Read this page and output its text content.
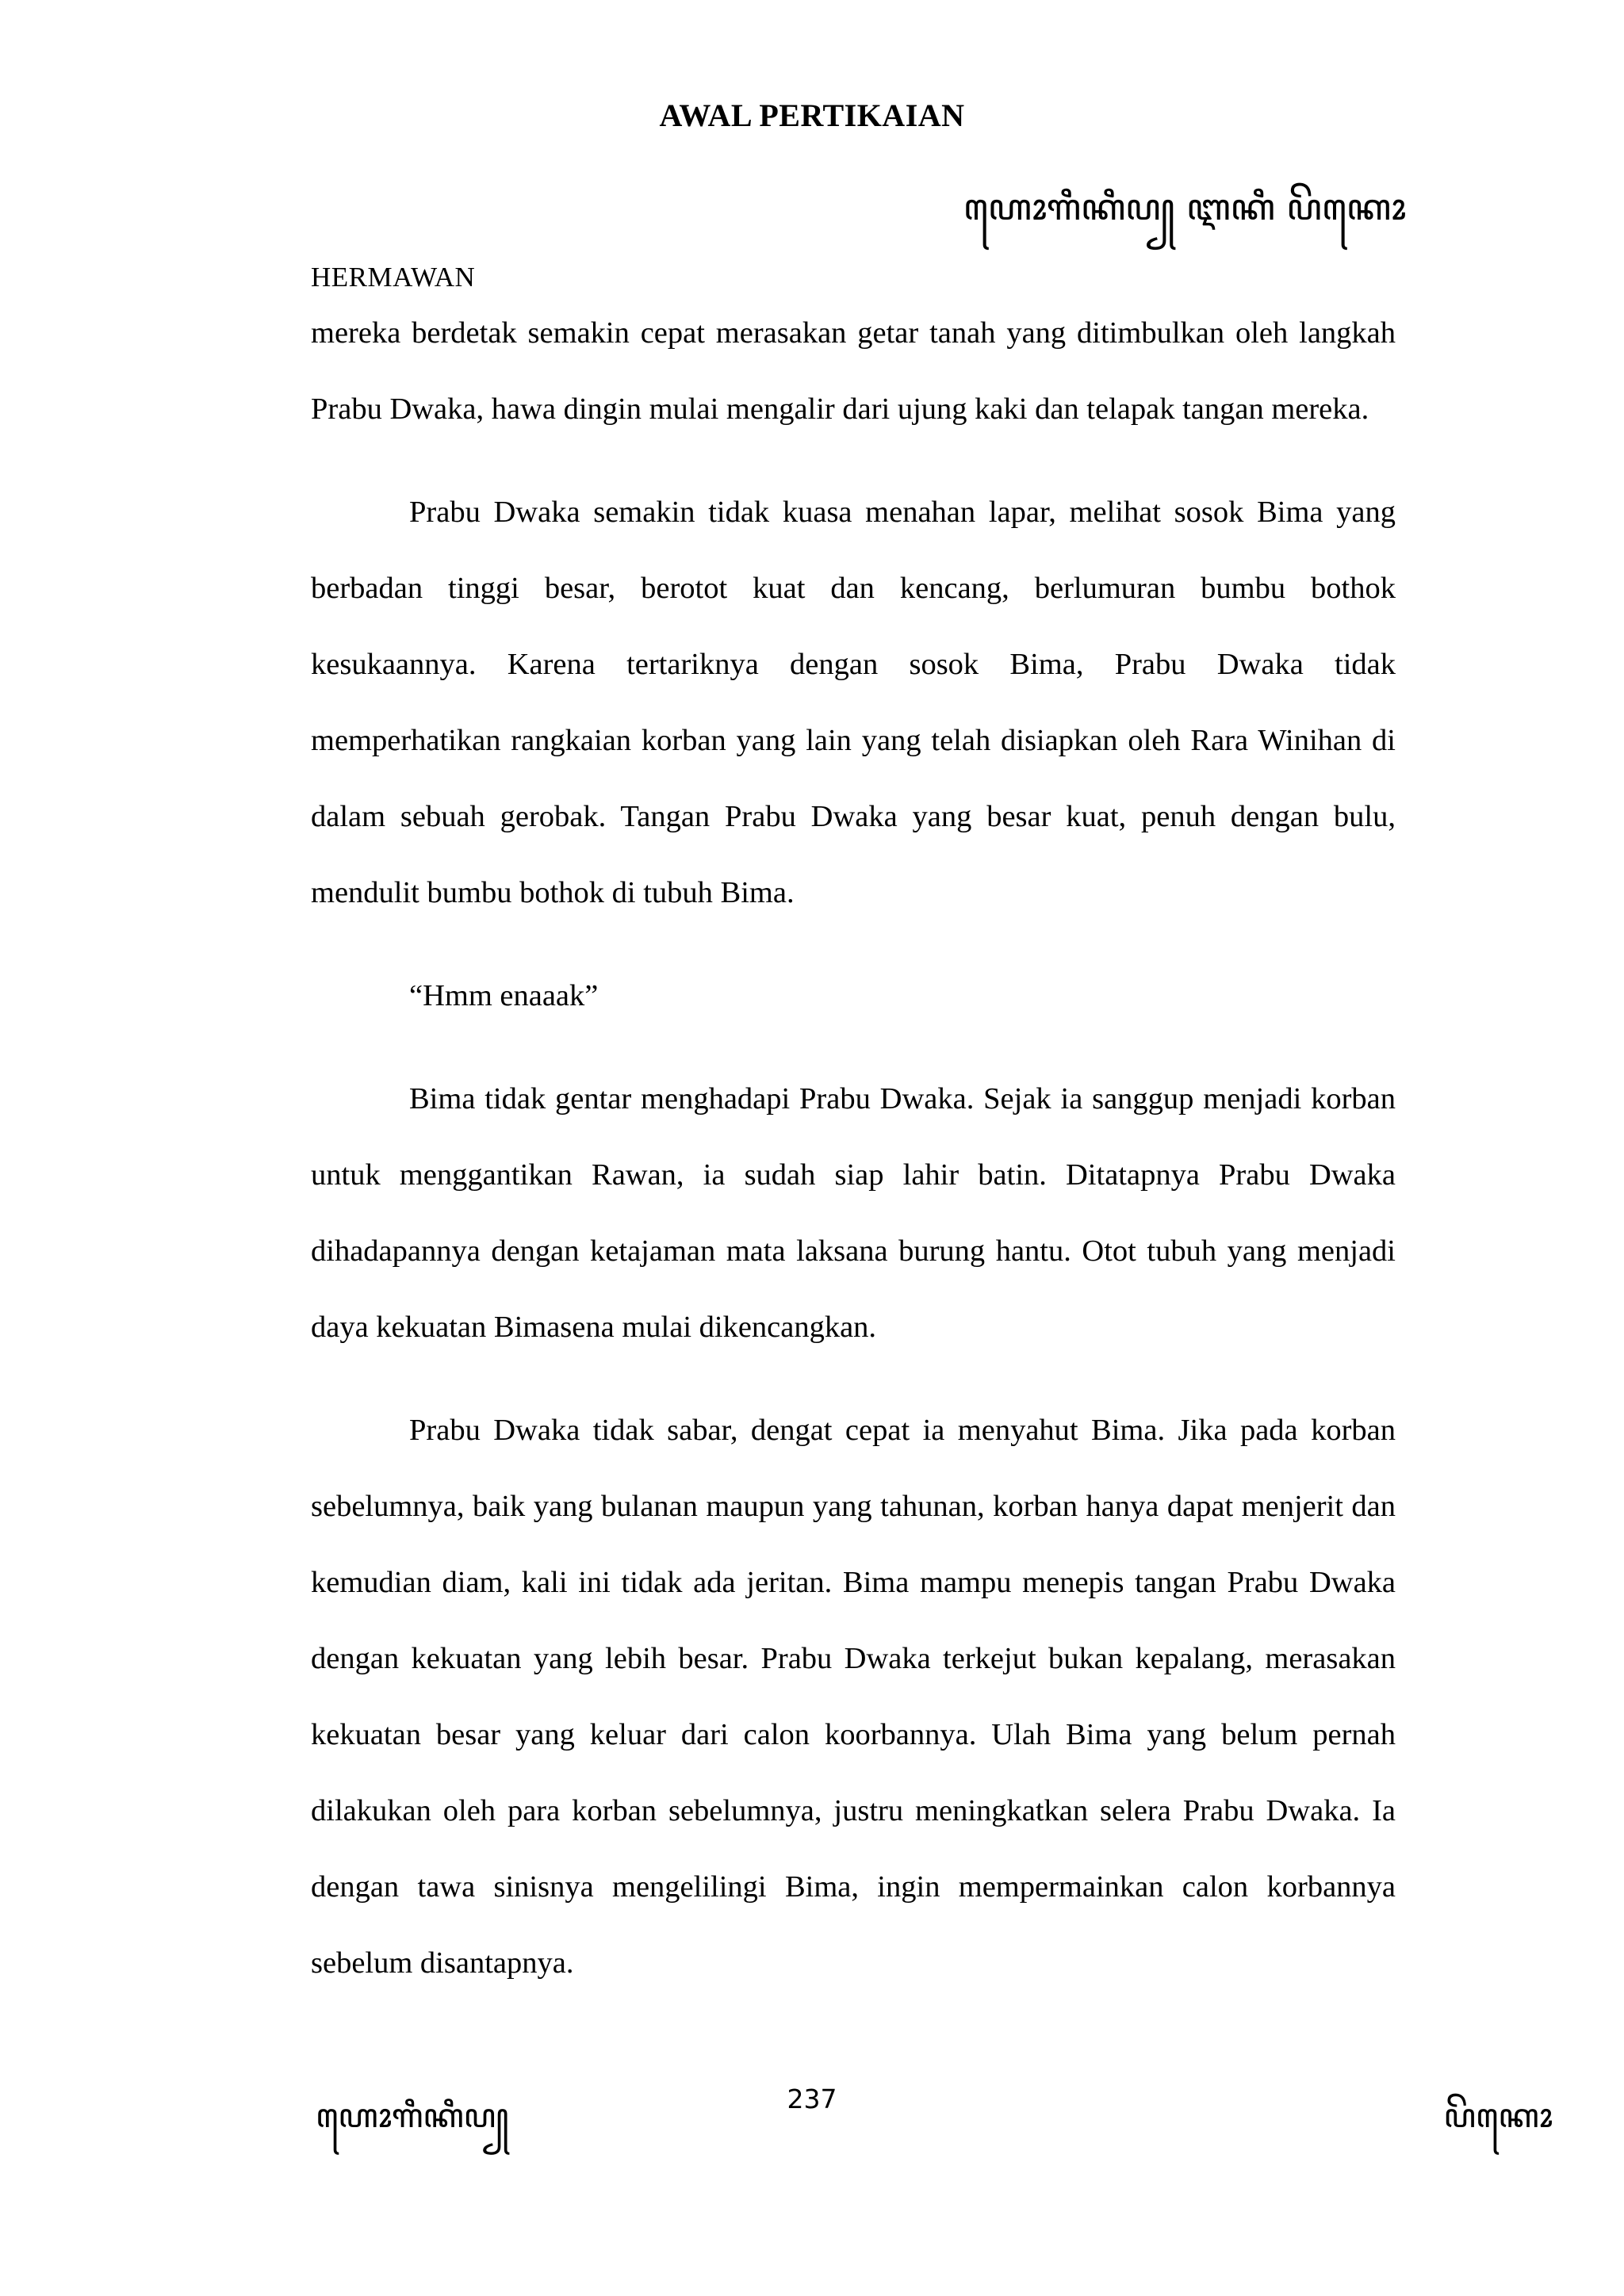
AWAL PERTIKAIAN
ꦲꦺꦴꦒꦶꦏꦶꦥ꧀ ꦆꦏꦶ ꦥꦼꦏꦺꦴ
HERMAWAN

mereka berdetak semakin cepat merasakan getar tanah yang ditimbulkan oleh langkah Prabu Dwaka, hawa dingin mulai mengalir dari ujung kaki dan telapak tangan mereka.

Prabu Dwaka semakin tidak kuasa menahan lapar, melihat sosok Bima yang berbadan tinggi besar, berotot kuat dan kencang, berlumuran bumbu bothok kesukaannya. Karena tertariknya dengan sosok Bima, Prabu Dwaka tidak memperhatikan rangkaian korban yang lain yang telah disiapkan oleh Rara Winihan di dalam sebuah gerobak. Tangan Prabu Dwaka yang besar kuat, penuh dengan bulu, mendulit bumbu bothok di tubuh Bima.

“Hmm enaaak”

Bima tidak gentar menghadapi Prabu Dwaka. Sejak ia sanggup menjadi korban untuk menggantikan Rawan, ia sudah siap lahir batin. Ditatapnya Prabu Dwaka dihadapannya dengan ketajaman mata laksana burung hantu. Otot tubuh yang menjadi daya kekuatan Bimasena mulai dikencangkan.

Prabu Dwaka tidak sabar, dengat cepat ia menyahut Bima. Jika pada korban sebelumnya, baik yang bulanan maupun yang tahunan, korban hanya dapat menjerit dan kemudian diam, kali ini tidak ada jeritan. Bima mampu menepis tangan Prabu Dwaka dengan kekuatan yang lebih besar. Prabu Dwaka terkejut bukan kepalang, merasakan kekuatan besar yang keluar dari calon koorbannya. Ulah Bima yang belum pernah dilakukan oleh para korban sebelumnya, justru meningkatkan selera Prabu Dwaka. Ia dengan tawa sinisnya mengelilingi Bima, ingin mempermainkan calon korbannya sebelum disantapnya.

237
ꦲꦺꦴꦒꦶꦏꦶꦥ꧀	ꦥꦼꦏꦺꦴ
